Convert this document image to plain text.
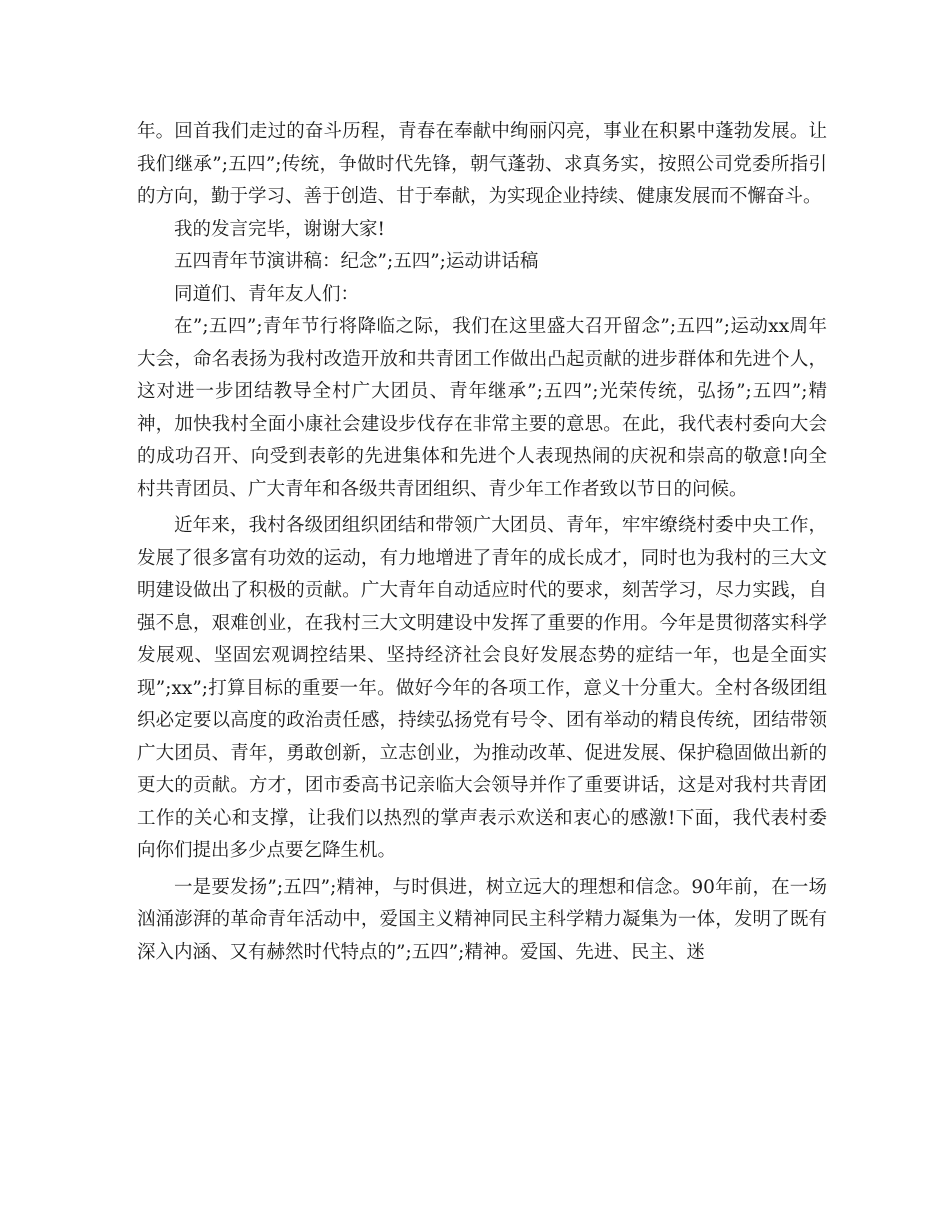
年。回首我们走过的奋斗历程，青春在奉献中绚丽闪亮，事业在积累中蓬勃发展。让我们继承”;五四”;传统，争做时代先锋，朝气蓬勃、求真务实，按照公司党委所指引的方向，勤于学习、善于创造、甘于奉献，为实现企业持续、健康发展而不懈奋斗。

我的发言完毕，谢谢大家!

五四青年节演讲稿：纪念”;五四”;运动讲话稿

同道们、青年友人们：

在”;五四”;青年节行将降临之际，我们在这里盛大召开留念”;五四”;运动xx周年大会，命名表扬为我村改造开放和共青团工作做出凸起贡献的进步群体和先进个人，这对进一步团结教导全村广大团员、青年继承”;五四”;光荣传统，弘扬”;五四”;精神，加快我村全面小康社会建设步伐存在非常主要的意思。在此，我代表村委向大会的成功召开、向受到表彰的先进集体和先进个人表现热闹的庆祝和崇高的敬意!向全村共青团员、广大青年和各级共青团组织、青少年工作者致以节日的问候。

近年来，我村各级团组织团结和带领广大团员、青年，牢牢缭绕村委中央工作，发展了很多富有功效的运动，有力地增进了青年的成长成才，同时也为我村的三大文明建设做出了积极的贡献。广大青年自动适应时代的要求，刻苦学习，尽力实践，自强不息，艰难创业，在我村三大文明建设中发挥了重要的作用。今年是贯彻落实科学发展观、坚固宏观调控结果、坚持经济社会良好发展态势的症结一年，也是全面实现”;xx”;打算目标的重要一年。做好今年的各项工作，意义十分重大。全村各级团组织必定要以高度的政治责任感，持续弘扬党有号令、团有举动的精良传统，团结带领广大团员、青年，勇敢创新，立志创业，为推动改革、促进发展、保护稳固做出新的更大的贡献。方才，团市委高书记亲临大会领导并作了重要讲话，这是对我村共青团工作的关心和支撑，让我们以热烈的掌声表示欢送和衷心的感激!下面，我代表村委向你们提出多少点要乞降生机。

一是要发扬”;五四”;精神，与时俱进，树立远大的理想和信念。90年前，在一场汹涌澎湃的革命青年活动中，爱国主义精神同民主科学精力凝集为一体，发明了既有深入内涵、又有赫然时代特点的”;五四”;精神。爱国、先进、民主、迷
